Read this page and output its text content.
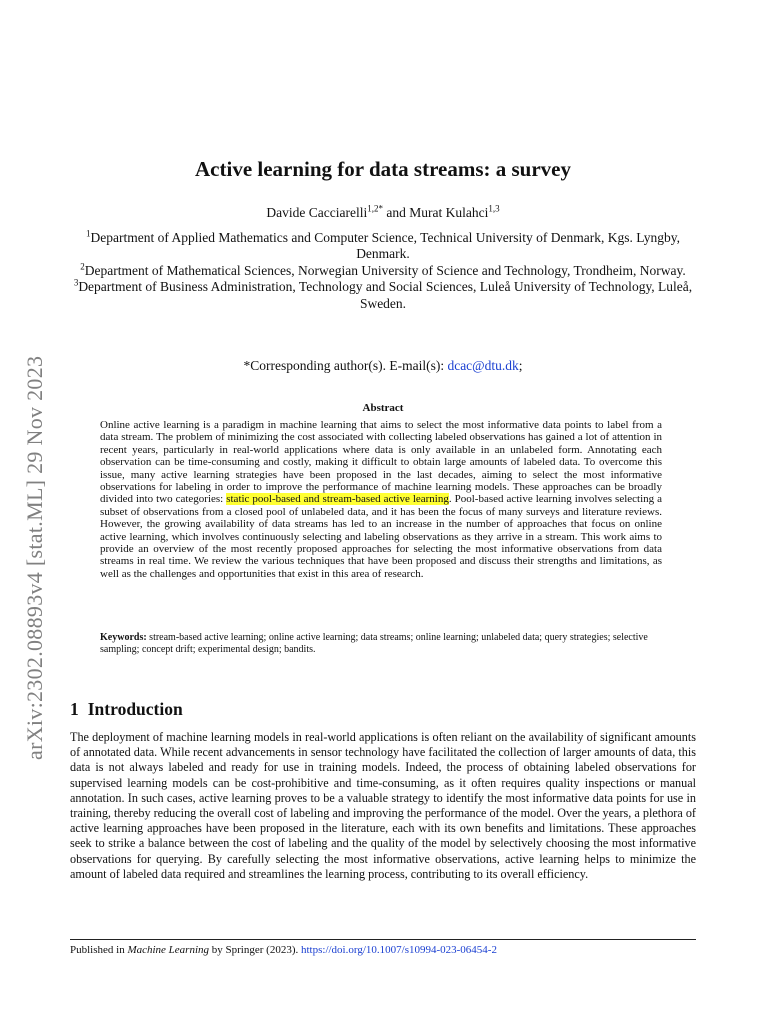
arXiv:2302.08893v4 [stat.ML] 29 Nov 2023
Active learning for data streams: a survey
Davide Cacciarelli$^{1,2*}$ and Murat Kulahci$^{1,3}$

$^1$Department of Applied Mathematics and Computer Science, Technical University of Denmark, Kgs. Lyngby, Denmark.

$^2$Department of Mathematical Sciences, Norwegian University of Science and Technology, Trondheim, Norway.

$^3$Department of Business Administration, Technology and Social Sciences, Luleå University of Technology, Luleå, Sweden.

*Corresponding author(s). E-mail(s): dcac@dtu.dk;
Abstract

Online active learning is a paradigm in machine learning that aims to select the most informative data points to label from a data stream. The problem of minimizing the cost associated with collecting labeled observations has gained a lot of attention in recent years, particularly in real-world applications where data is only available in an unlabeled form. Annotating each observation can be time-consuming and costly, making it difficult to obtain large amounts of labeled data. To overcome this issue, many active learning strategies have been proposed in the last decades, aiming to select the most informative observations for labeling in order to improve the performance of machine learning models. These approaches can be broadly divided into two categories: static pool-based and stream-based active learning. Pool-based active learning involves selecting a subset of observations from a closed pool of unlabeled data, and it has been the focus of many surveys and literature reviews. However, the growing availability of data streams has led to an increase in the number of approaches that focus on online active learning, which involves continuously selecting and labeling observations as they arrive in a stream. This work aims to provide an overview of the most recently proposed approaches for selecting the most informative observations from data streams in real time. We review the various techniques that have been proposed and discuss their strengths and limitations, as well as the challenges and opportunities that exist in this area of research.

Keywords: stream-based active learning; online active learning; data streams; online learning; unlabeled data; query strategies; selective sampling; concept drift; experimental design; bandits.

1 Introduction

The deployment of machine learning models in real-world applications is often reliant on the availability of significant amounts of annotated data. While recent advancements in sensor technology have facilitated the collection of larger amounts of data, this data is not always labeled and ready for use in training models. Indeed, the process of obtaining labeled observations for supervised learning models can be cost-prohibitive and time-consuming, as it often requires quality inspections or manual annotation. In such cases, active learning proves to be a valuable strategy to identify the most informative data points for use in training, thereby reducing the overall cost of labeling and improving the performance of the model. Over the years, a plethora of active learning approaches have been proposed in the literature, each with its own benefits and limitations. These approaches seek to strike a balance between the cost of labeling and the quality of the model by selectively choosing the most informative observations for querying. By carefully selecting the most informative observations, active learning helps to minimize the amount of labeled data required and streamlines the learning process, contributing to its overall efficiency.

Published in Machine Learning by Springer (2023). https://doi.org/10.1007/s10994-023-06454-2
